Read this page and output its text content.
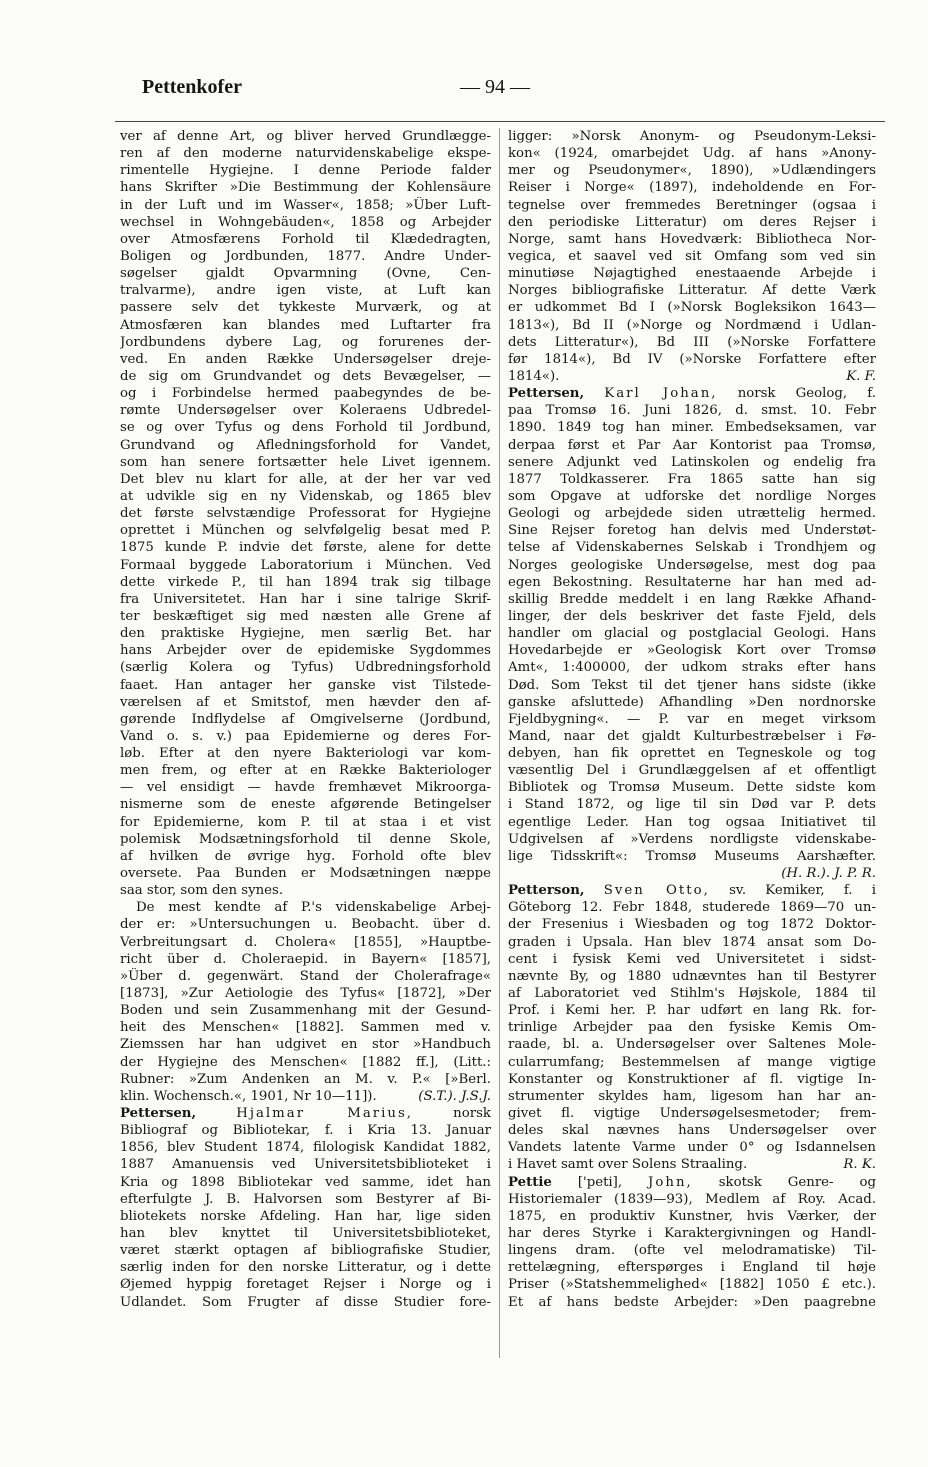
Pettenkofer	— 94 —
ver af denne Art, og bliver herved Grundlægge-
ren af den moderne naturvidenskabelige ekspe-
rimentelle Hygiejne. I denne Periode falder
hans Skrifter »Die Bestimmung der Kohlensäure
in der Luft und im Wasser«, 1858; »Über Luft-
wechsel in Wohngebäuden«, 1858 og Arbejder
over Atmosfærens Forhold til Klædedragten,
Boligen og Jordbunden, 1877. Andre Under-
søgelser gjaldt Opvarmning (Ovne, Cen-
tralvarme), andre igen viste, at Luft kan
passere selv det tykkeste Murværk, og at
Atmosfæren kan blandes med Luftarter fra
Jordbundens dybere Lag, og forurenes der-
ved. En anden Række Undersøgelser dreje-
de sig om Grundvandet og dets Bevægelser, —
og i Forbindelse hermed paabegyndes de be-
rømte Undersøgelser over Koleraens Udbredel-
se og over Tyfus og dens Forhold til Jordbund,
Grundvand og Afledningsforhold for Vandet,
som han senere fortsætter hele Livet igennem.
Det blev nu klart for alle, at der her var ved
at udvikle sig en ny Videnskab, og 1865 blev
det første selvstændige Professorat for Hygiejne
oprettet i München og selvfølgelig besat med P.
1875 kunde P. indvie det første, alene for dette
Formaal byggede Laboratorium i München. Ved
dette virkede P., til han 1894 trak sig tilbage
fra Universitetet. Han har i sine talrige Skrif-
ter beskæftiget sig med næsten alle Grene af
den praktiske Hygiejne, men særlig Bet. har
hans Arbejder over de epidemiske Sygdommes
(særlig Kolera og Tyfus) Udbredningsforhold
faaet. Han antager her ganske vist Tilstede-
værelsen af et Smitstof, men hævder den af-
gørende Indflydelse af Omgivelserne (Jordbund,
Vand o. s. v.) paa Epidemierne og deres For-
løb. Efter at den nyere Bakteriologi var kom-
men frem, og efter at en Række Bakteriologer
— vel ensidigt — havde fremhævet Mikroorga-
nismerne som de eneste afgørende Betingelser
for Epidemierne, kom P. til at staa i et vist
polemisk Modsætningsforhold til denne Skole,
af hvilken de øvrige hyg. Forhold ofte blev
oversete. Paa Bunden er Modsætningen næppe
saa stor, som den synes.
De mest kendte af P.'s videnskabelige Arbej-
der er: »Untersuchungen u. Beobacht. über d.
Verbreitungsart d. Cholera« [1855], »Hauptbe-
richt über d. Choleraepid. in Bayern« [1857],
»Über d. gegenwärt. Stand der Cholerafrage«
[1873], »Zur Aetiologie des Tyfus« [1872], »Der
Boden und sein Zusammenhang mit der Gesund-
heit des Menschen« [1882]. Sammen med v.
Ziemssen har han udgivet en stor »Handbuch
der Hygiejne des Menschen« [1882 ff.], (Litt.:
Rubner: »Zum Andenken an M. v. P.« [»Berl.
klin. Wochensch.«, 1901, Nr 10—11]).	(S.T.). J.S.J.
Pettersen,	Hjalmar Marius,	norsk
Bibliograf og Bibliotekar, f. i Kria 13. Januar
1856, blev Student 1874, filologisk Kandidat 1882,
1887 Amanuensis ved Universitetsbiblioteket i
Kria og 1898 Bibliotekar ved samme, idet han
efterfulgte J. B. Halvorsen som Bestyrer af Bi-
bliotekets norske Afdeling. Han har, lige siden
han blev knyttet til Universitetsbiblioteket,
været stærkt optagen af bibliografiske Studier,
særlig inden for den norske Litteratur, og i dette
Øjemed hyppig foretaget Rejser i Norge og i
Udlandet. Som Frugter af disse Studier fore-
ligger: »Norsk Anonym- og Pseudonym-Leksi-
kon« (1924, omarbejdet Udg. af hans »Anony-
mer og Pseudonymer«, 1890), »Udlændingers
Reiser i Norge« (1897), indeholdende en For-
tegnelse over fremmedes Beretninger (ogsaa i
den periodiske Litteratur) om deres Rejser i
Norge, samt hans Hovedværk: Bibliotheca Nor-
vegica, et saavel ved sit Omfang som ved sin
minutiøse Nøjagtighed enestaaende Arbejde i
Norges bibliografiske Litteratur. Af dette Værk
er udkommet Bd I (»Norsk Bogleksikon 1643—
1813«), Bd II (»Norge og Nordmænd i Udlan-
dets Litteratur«), Bd III (»Norske Forfattere
før 1814«), Bd IV (»Norske Forfattere efter
1814«).	K. F.
Pettersen, Karl Johan, norsk Geolog, f.
paa Tromsø 16. Juni 1826, d. smst. 10. Febr
1890. 1849 tog han miner. Embedseksamen, var
derpaa først et Par Aar Kontorist paa Tromsø,
senere Adjunkt ved Latinskolen og endelig fra
1877 Toldkasserer. Fra 1865 satte han sig
som Opgave at udforske det nordlige Norges
Geologi og arbejdede siden utrættelig hermed.
Sine Rejser foretog han delvis med Understøt-
telse af Videnskabernes Selskab i Trondhjem og
Norges geologiske Undersøgelse, mest dog paa
egen Bekostning. Resultaterne har han med ad-
skillig Bredde meddelt i en lang Række Afhand-
linger, der dels beskriver det faste Fjeld, dels
handler om glacial og postglacial Geologi. Hans
Hovedarbejde er »Geologisk Kort over Tromsø
Amt«, 1:400000, der udkom straks efter hans
Død. Som Tekst til det tjener hans sidste (ikke
ganske afsluttede) Afhandling »Den nordnorske
Fjeldbygning«. — P. var en meget virksom
Mand, naar det gjaldt Kulturbestræbelser i Fø-
debyen, han fik oprettet en Tegneskole og tog
væsentlig Del i Grundlæggelsen af et offentligt
Bibliotek og Tromsø Museum. Dette sidste kom
i Stand 1872, og lige til sin Død var P. dets
egentlige Leder. Han tog ogsaa Initiativet til
Udgivelsen af »Verdens nordligste videnskabe-
lige Tidsskrift«: Tromsø Museums Aarshæfter.
(H. R.). J. P. R.
Petterson, Sven Otto, sv. Kemiker, f. i
Göteborg 12. Febr 1848, studerede 1869—70 un-
der Fresenius i Wiesbaden og tog 1872 Doktor-
graden i Upsala. Han blev 1874 ansat som Do-
cent i fysisk Kemi ved Universitetet i sidst-
nævnte By, og 1880 udnævntes han til Bestyrer
af Laboratoriet ved Stihlm's Højskole, 1884 til
Prof. i Kemi her. P. har udført en lang Rk. for-
trinlige Arbejder paa den fysiske Kemis Om-
raade, bl. a. Undersøgelser over Saltenes Mole-
cularrumfang; Bestemmelsen af mange vigtige
Konstanter og Konstruktioner af fl. vigtige In-
strumenter skyldes ham, ligesom han har an-
givet fl. vigtige Undersøgelsesmetoder; frem-
deles skal nævnes hans Undersøgelser over
Vandets latente Varme under 0° og Isdannelsen
i Havet samt over Solens Straaling.	R. K.
Pettie ['peti], John, skotsk Genre- og
Historiemaler (1839—93), Medlem af Roy. Acad.
1875, en produktiv Kunstner, hvis Værker, der
har deres Styrke i Karaktergivningen og Handl-
lingens dram. (ofte vel melodramatiske) Til-
rettelægning, efterspørges i England til høje
Priser (»Statshemmelighed« [1882] 1050 £ etc.).
Et af hans bedste Arbejder: »Den paagrebne
